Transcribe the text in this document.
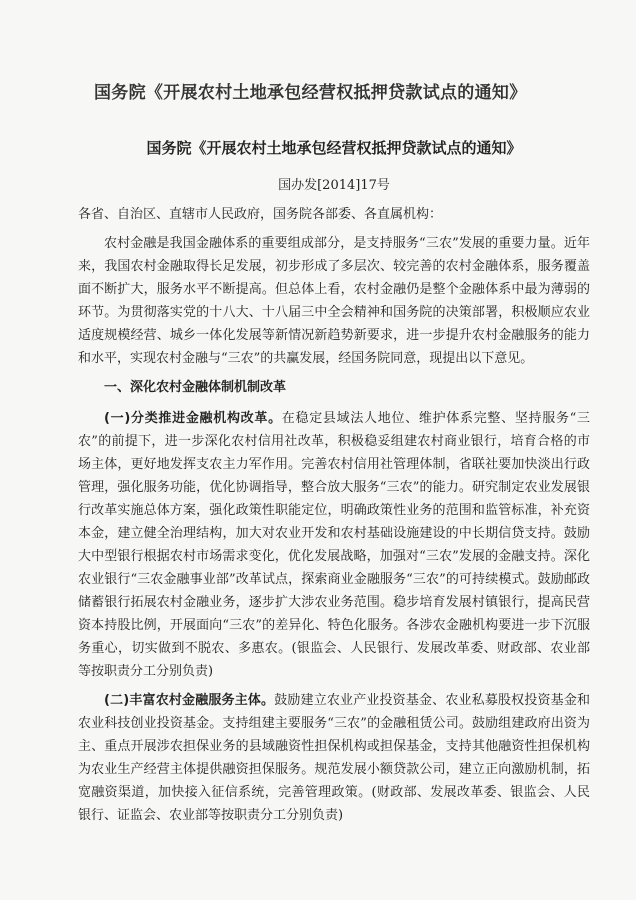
国务院《开展农村土地承包经营权抵押贷款试点的通知》
国务院《开展农村土地承包经营权抵押贷款试点的通知》
国办发[2014]17号
各省、自治区、直辖市人民政府，国务院各部委、各直属机构：

农村金融是我国金融体系的重要组成部分，是支持服务“三农”发展的重要力量。近年来，我国农村金融取得长足发展，初步形成了多层次、较完善的农村金融体系，服务覆盖面不断扩大，服务水平不断提高。但总体上看，农村金融仍是整个金融体系中最为薄弱的环节。为贯彻落实党的十八大、十八届三中全会精神和国务院的决策部署，积极顺应农业适度规模经营、城乡一体化发展等新情况新趋势新要求，进一步提升农村金融服务的能力和水平，实现农村金融与“三农”的共赢发展，经国务院同意，现提出以下意见。

一、深化农村金融体制机制改革

(一)分类推进金融机构改革。在稳定县域法人地位、维护体系完整、坚持服务“三农”的前提下，进一步深化农村信用社改革，积极稳妥组建农村商业银行，培育合格的市场主体，更好地发挥支农主力军作用。完善农村信用社管理体制，省联社要加快淡出行政管理，强化服务功能，优化协调指导，整合放大服务“三农”的能力。研究制定农业发展银行改革实施总体方案，强化政策性职能定位，明确政策性业务的范围和监管标准，补充资本金，建立健全治理结构，加大对农业开发和农村基础设施建设的中长期信贷支持。鼓励大中型银行根据农村市场需求变化，优化发展战略，加强对“三农”发展的金融支持。深化农业银行“三农金融事业部”改革试点，探索商业金融服务“三农”的可持续模式。鼓励邮政储蓄银行拓展农村金融业务，逐步扩大涉农业务范围。稳步培育发展村镇银行，提高民营资本持股比例，开展面向“三农”的差异化、特色化服务。各涉农金融机构要进一步下沉服务重心，切实做到不脱农、多惠农。(银监会、人民银行、发展改革委、财政部、农业部等按职责分工分别负责)

(二)丰富农村金融服务主体。鼓励建立农业产业投资基金、农业私募股权投资基金和农业科技创业投资基金。支持组建主要服务“三农”的金融租赁公司。鼓励组建政府出资为主、重点开展涉农担保业务的县域融资性担保机构或担保基金，支持其他融资性担保机构为农业生产经营主体提供融资担保服务。规范发展小额贷款公司，建立正向激励机制，拓宽融资渠道，加快接入征信系统，完善管理政策。(财政部、发展改革委、银监会、人民银行、证监会、农业部等按职责分工分别负责)
